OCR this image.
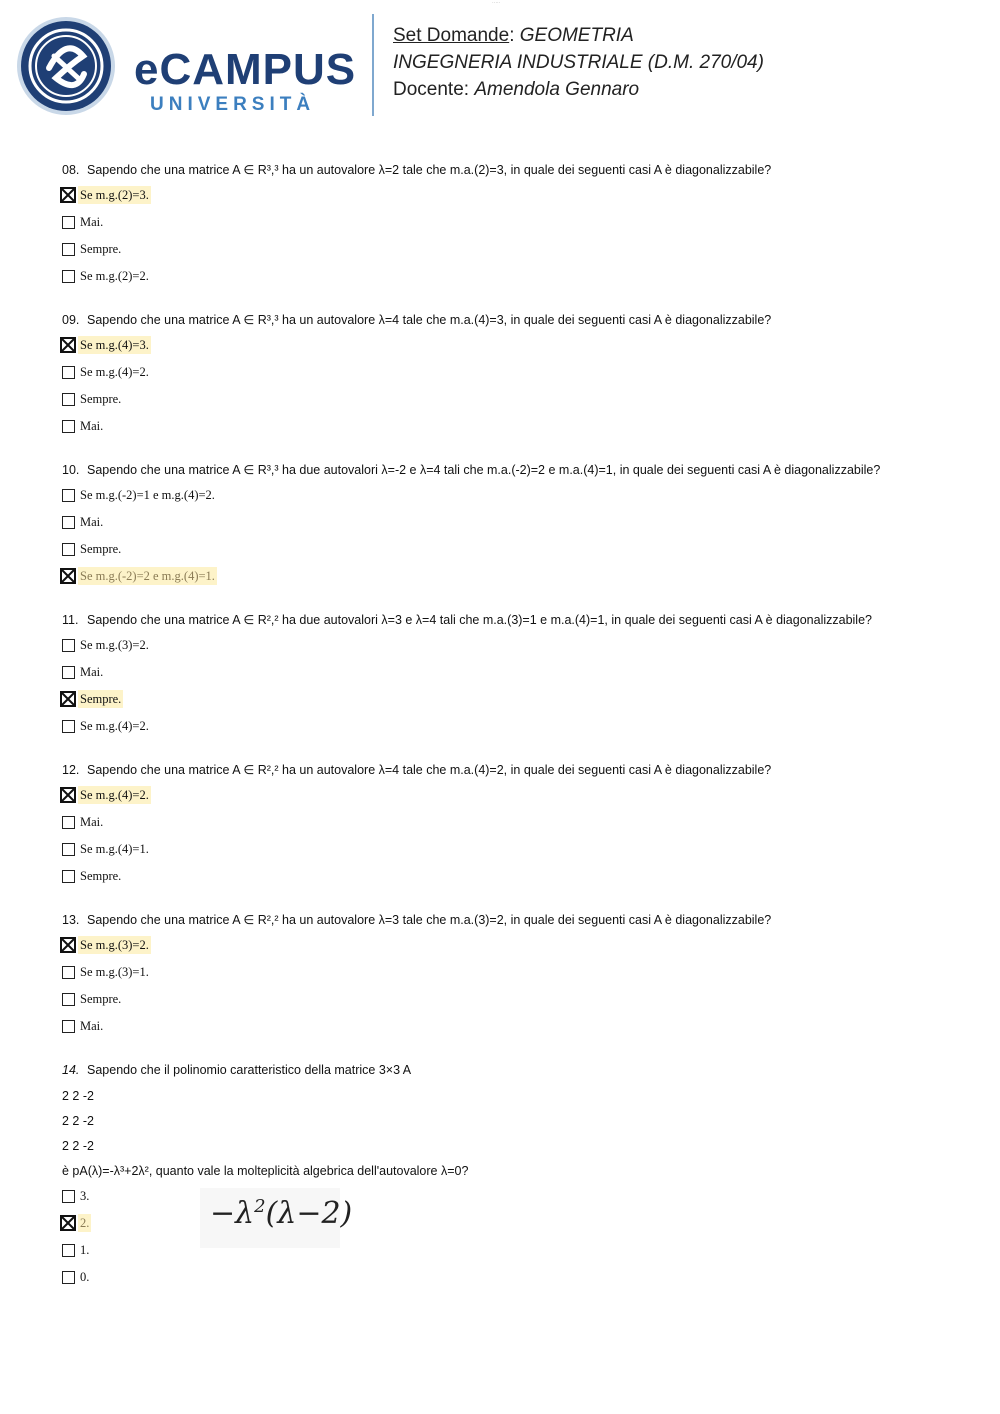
·····
eCAMPUS
UNIVERSITÀ
Set Domande: GEOMETRIA
INGEGNERIA INDUSTRIALE (D.M. 270/04)
Docente: Amendola Gennaro
08. Sapendo che una matrice A ∈ R³,³ ha un autovalore λ=2 tale che m.a.(2)=3, in quale dei seguenti casi A è diagonalizzabile?
Se m.g.(2)=3.
Mai.
Sempre.
Se m.g.(2)=2.
09. Sapendo che una matrice A ∈ R³,³ ha un autovalore λ=4 tale che m.a.(4)=3, in quale dei seguenti casi A è diagonalizzabile?
Se m.g.(4)=3.
Se m.g.(4)=2.
Sempre.
Mai.
10. Sapendo che una matrice A ∈ R³,³ ha due autovalori λ=-2 e λ=4 tali che m.a.(-2)=2 e m.a.(4)=1, in quale dei seguenti casi A è diagonalizzabile?
Se m.g.(-2)=1 e m.g.(4)=2.
Mai.
Sempre.
Se m.g.(-2)=2 e m.g.(4)=1.
11. Sapendo che una matrice A ∈ R²,² ha due autovalori λ=3 e λ=4 tali che m.a.(3)=1 e m.a.(4)=1, in quale dei seguenti casi A è diagonalizzabile?
Se m.g.(3)=2.
Mai.
Sempre.
Se m.g.(4)=2.
12. Sapendo che una matrice A ∈ R²,² ha un autovalore λ=4 tale che m.a.(4)=2, in quale dei seguenti casi A è diagonalizzabile?
Se m.g.(4)=2.
Mai.
Se m.g.(4)=1.
Sempre.
13. Sapendo che una matrice A ∈ R²,² ha un autovalore λ=3 tale che m.a.(3)=2, in quale dei seguenti casi A è diagonalizzabile?
Se m.g.(3)=2.
Se m.g.(3)=1.
Sempre.
Mai.
14. Sapendo che il polinomio caratteristico della matrice 3×3 A
2 2 -2
2 2 -2
2 2 -2
è pA(λ)=-λ³+2λ², quanto vale la molteplicità algebrica dell'autovalore λ=0?
3.
2.
1.
0.
$-\lambda^2(\lambda-2)$
